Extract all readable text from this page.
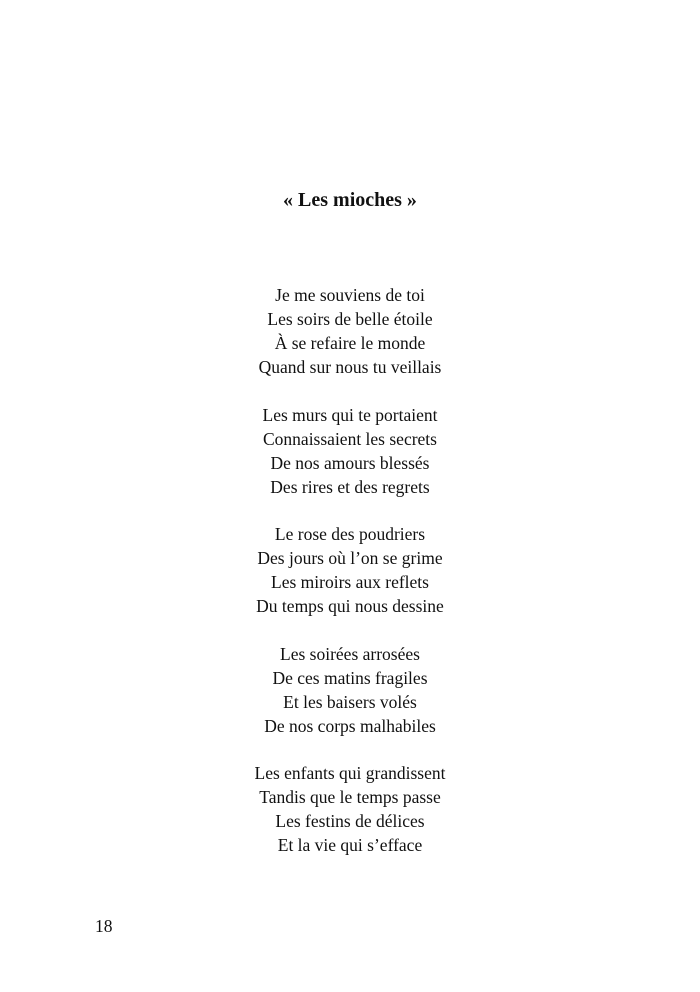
« Les mioches »
Je me souviens de toi
Les soirs de belle étoile
À se refaire le monde
Quand sur nous tu veillais
Les murs qui te portaient
Connaissaient les secrets
De nos amours blessés
Des rires et des regrets
Le rose des poudriers
Des jours où l’on se grime
Les miroirs aux reflets
Du temps qui nous dessine
Les soirées arrosées
De ces matins fragiles
Et les baisers volés
De nos corps malhabiles
Les enfants qui grandissent
Tandis que le temps passe
Les festins de délices
Et la vie qui s’efface
18
